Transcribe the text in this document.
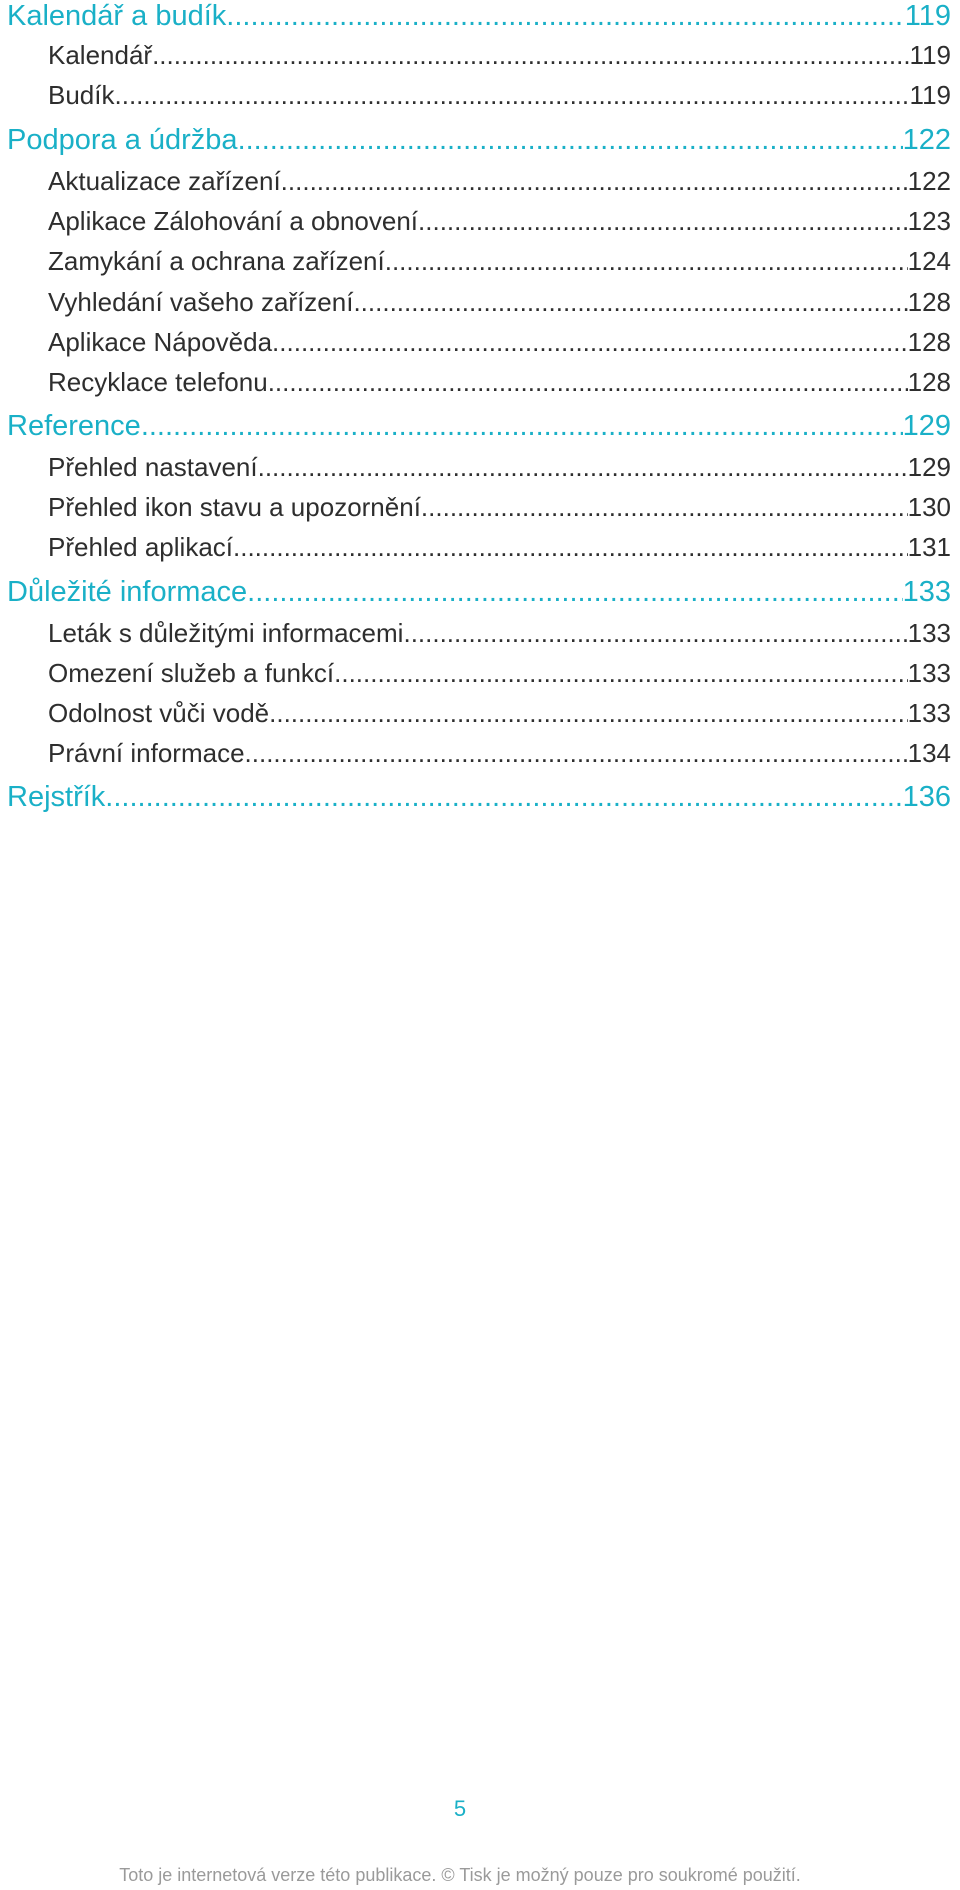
Kalendář a budík .....	119
Kalendář .....	119
Budík .....	119
Podpora a údržba .....	122
Aktualizace zařízení .....	122
Aplikace Zálohování a obnovení .....	123
Zamykání a ochrana zařízení .....	124
Vyhledání vašeho zařízení .....	128
Aplikace Nápověda .....	128
Recyklace telefonu .....	128
Reference .....	129
Přehled nastavení .....	129
Přehled ikon stavu a upozornění .....	130
Přehled aplikací .....	131
Důležité informace .....	133
Leták s důležitými informacemi .....	133
Omezení služeb a funkcí .....	133
Odolnost vůči vodě .....	133
Právní informace .....	134
Rejstřík .....	136
5
Toto je internetová verze této publikace. © Tisk je možný pouze pro soukromé použití.
